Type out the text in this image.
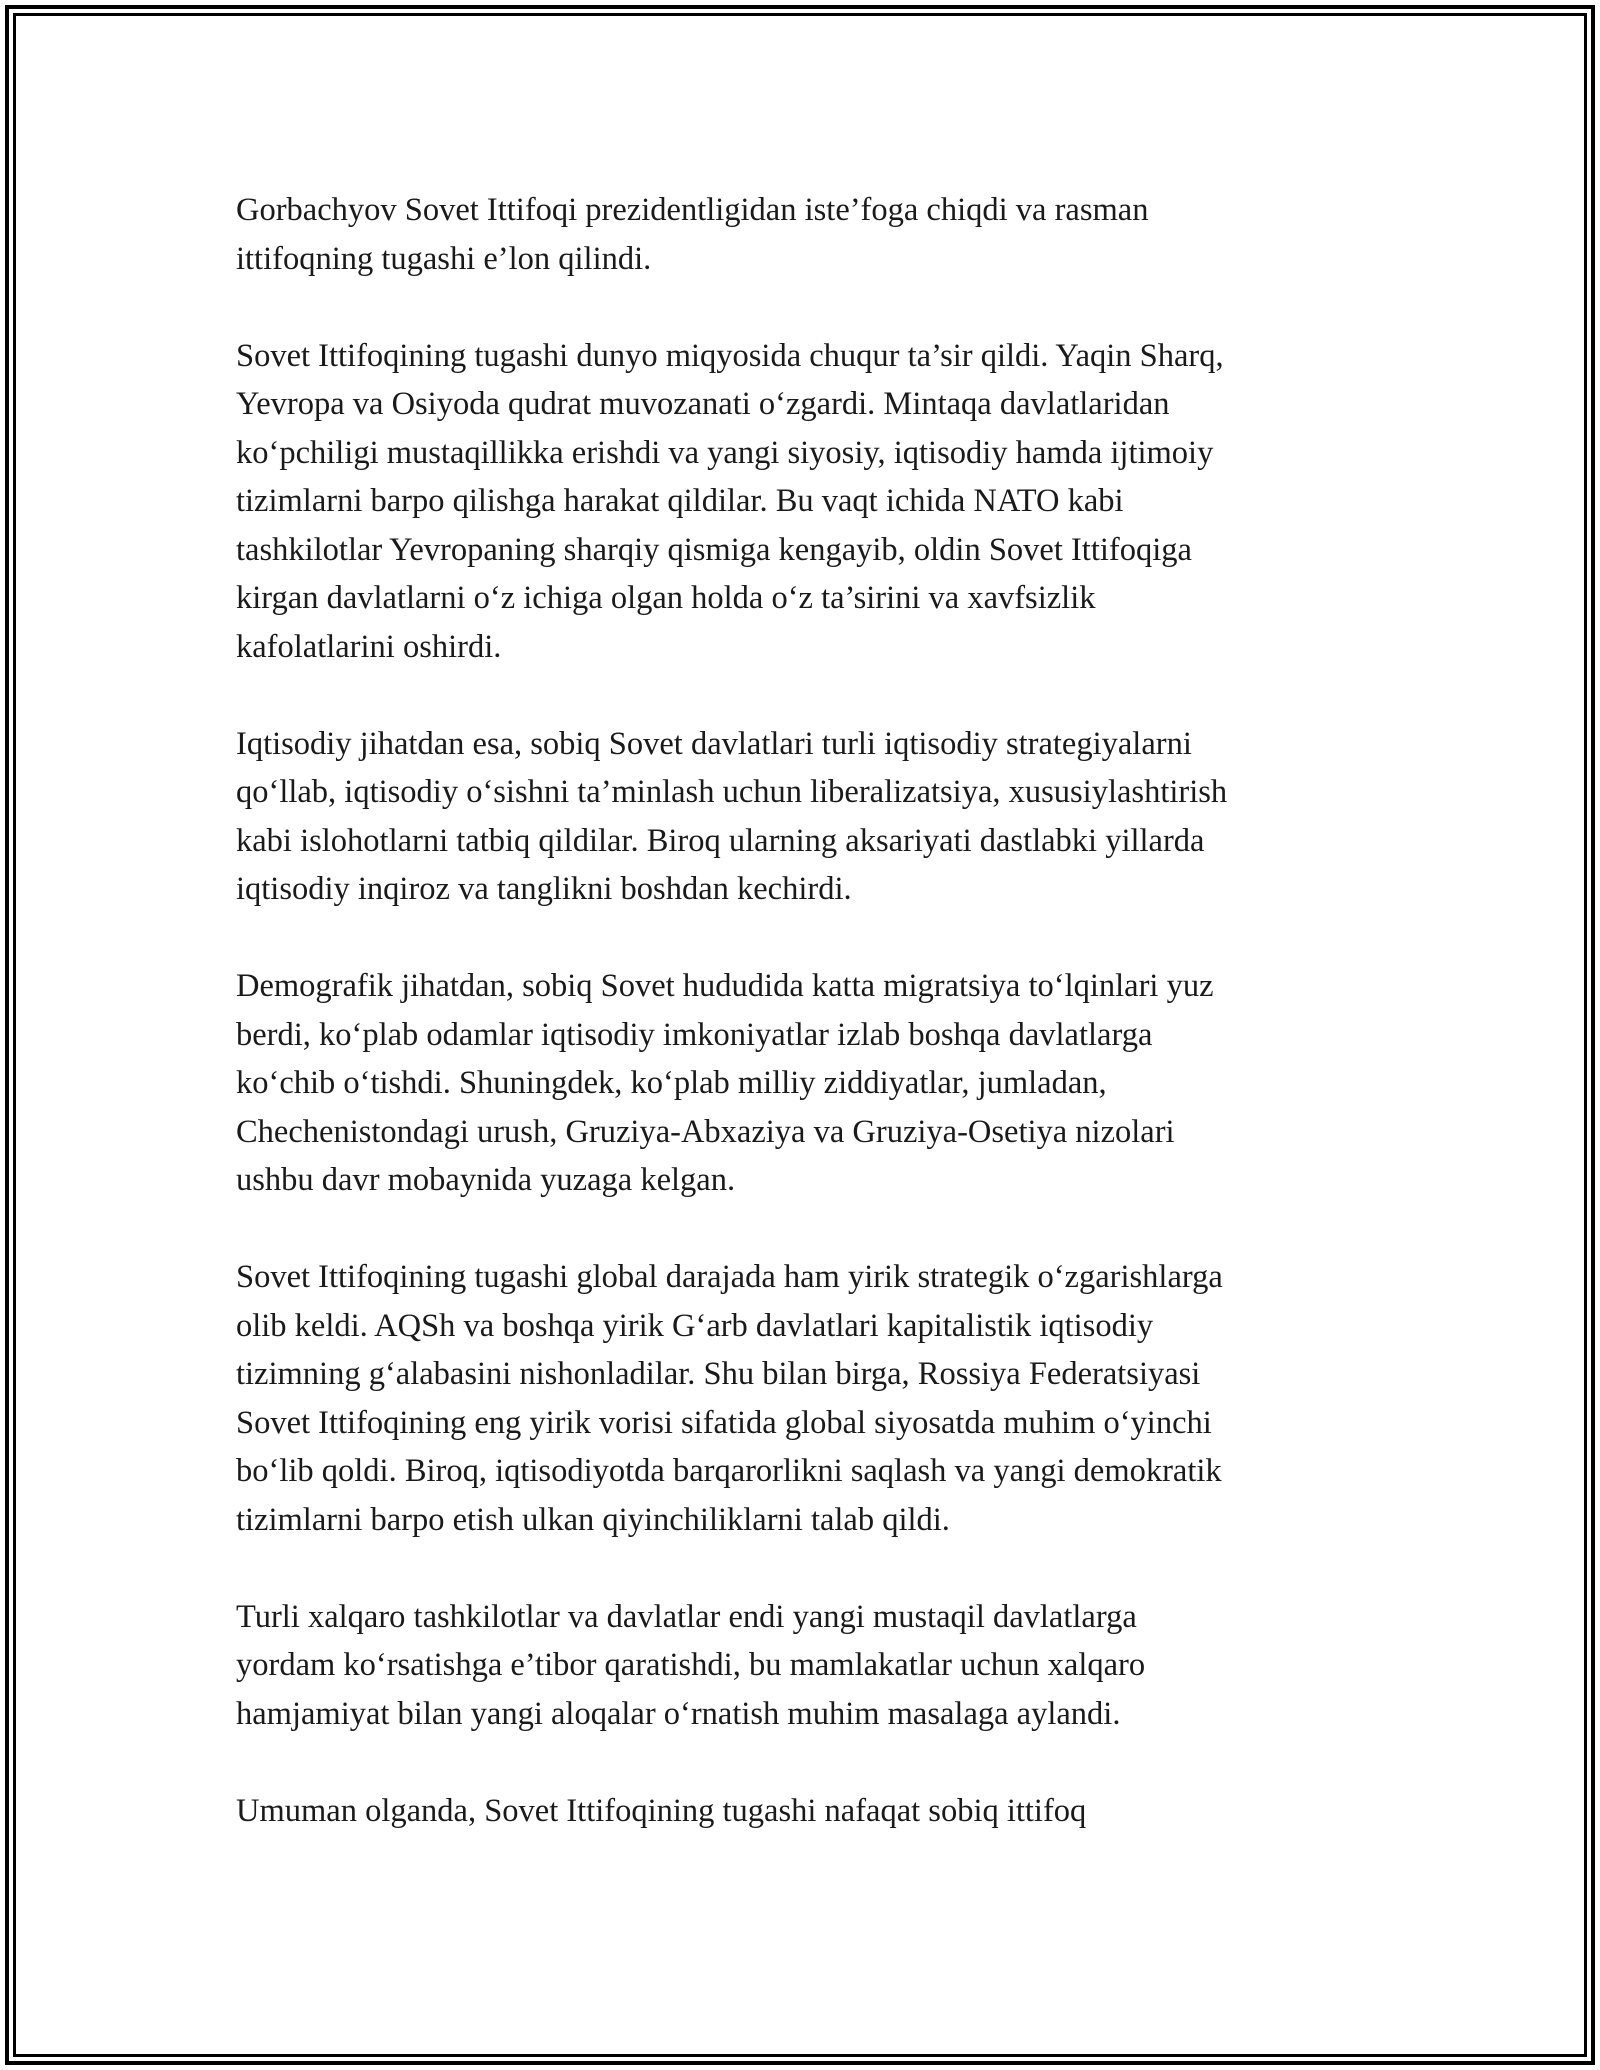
Gorbachyov Sovet Ittifoqi prezidentligidan iste’foga chiqdi va rasman
ittifoqning tugashi e’lon qilindi.

Sovet Ittifoqining tugashi dunyo miqyosida chuqur ta’sir qildi. Yaqin Sharq,
Yevropa va Osiyoda qudrat muvozanati o‘zgardi. Mintaqa davlatlaridan
ko‘pchiligi mustaqillikka erishdi va yangi siyosiy, iqtisodiy hamda ijtimoiy
tizimlarni barpo qilishga harakat qildilar. Bu vaqt ichida NATO kabi
tashkilotlar Yevropaning sharqiy qismiga kengayib, oldin Sovet Ittifoqiga
kirgan davlatlarni o‘z ichiga olgan holda o‘z ta’sirini va xavfsizlik
kafolatlarini oshirdi.

Iqtisodiy jihatdan esa, sobiq Sovet davlatlari turli iqtisodiy strategiyalarni
qo‘llab, iqtisodiy o‘sishni ta’minlash uchun liberalizatsiya, xususiylashtirish
kabi islohotlarni tatbiq qildilar. Biroq ularning aksariyati dastlabki yillarda
iqtisodiy inqiroz va tanglikni boshdan kechirdi.

Demografik jihatdan, sobiq Sovet hududida katta migratsiya to‘lqinlari yuz
berdi, ko‘plab odamlar iqtisodiy imkoniyatlar izlab boshqa davlatlarga
ko‘chib o‘tishdi. Shuningdek, ko‘plab milliy ziddiyatlar, jumladan,
Chechenistondagi urush, Gruziya-Abxaziya va Gruziya-Osetiya nizolari
ushbu davr mobaynida yuzaga kelgan.

Sovet Ittifoqining tugashi global darajada ham yirik strategik o‘zgarishlarga
olib keldi. AQSh va boshqa yirik G‘arb davlatlari kapitalistik iqtisodiy
tizimning g‘alabasini nishonladilar. Shu bilan birga, Rossiya Federatsiyasi
Sovet Ittifoqining eng yirik vorisi sifatida global siyosatda muhim o‘yinchi
bo‘lib qoldi. Biroq, iqtisodiyotda barqarorlikni saqlash va yangi demokratik
tizimlarni barpo etish ulkan qiyinchiliklarni talab qildi.

Turli xalqaro tashkilotlar va davlatlar endi yangi mustaqil davlatlarga
yordam ko‘rsatishga e’tibor qaratishdi, bu mamlakatlar uchun xalqaro
hamjamiyat bilan yangi aloqalar o‘rnatish muhim masalaga aylandi.

Umuman olganda, Sovet Ittifoqining tugashi nafaqat sobiq ittifoq
